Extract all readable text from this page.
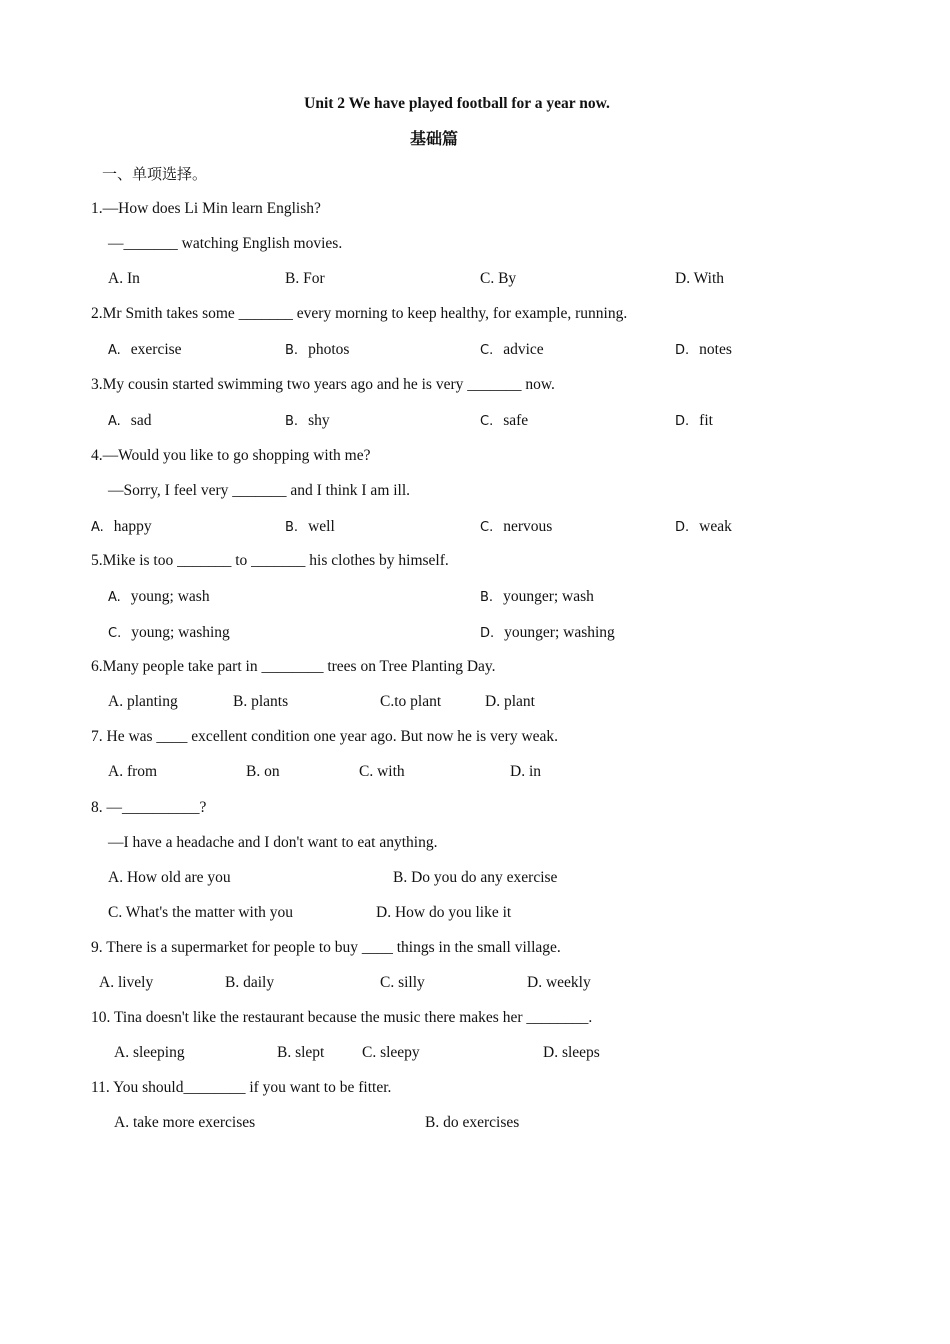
Unit 2 We have played football for a year now.
基础篇
一、单项选择。
1.—How does Li Min learn English?
—_______ watching English movies.
A. In	B. For	C. By	D. With
2.Mr Smith takes some _______ every morning to keep healthy, for example, running.
A. exercise	B. photos	C. advice	D. notes
3.My cousin started swimming two years ago and he is very _______ now.
A. sad	B. shy	C. safe	D. fit
4.—Would you like to go shopping with me?
—Sorry, I feel very _______ and I think I am ill.
A. happy	B. well	C. nervous	D. weak
5.Mike is too _______ to _______ his clothes by himself.
A. young; wash	B. younger; wash
C. young; washing	D. younger; washing
6.Many people take part in ________ trees on Tree Planting Day.
A. planting	B. plants	C.to plant	D. plant
7. He was ____ excellent condition one year ago. But now he is very weak.
A. from	B. on	C. with	D. in
8. —__________?
—I have a headache and I don't want to eat anything.
A. How old are you	B. Do you do any exercise
C. What's the matter with you	D. How do you like it
9. There is a supermarket for people to buy ____ things in the small village.
A. lively	B. daily	C. silly	D. weekly
10. Tina doesn't like the restaurant because the music there makes her ________.
A. sleeping	B. slept C. sleepy	D. sleeps
11. You should________ if you want to be fitter.
A. take more exercises	B. do exercises
